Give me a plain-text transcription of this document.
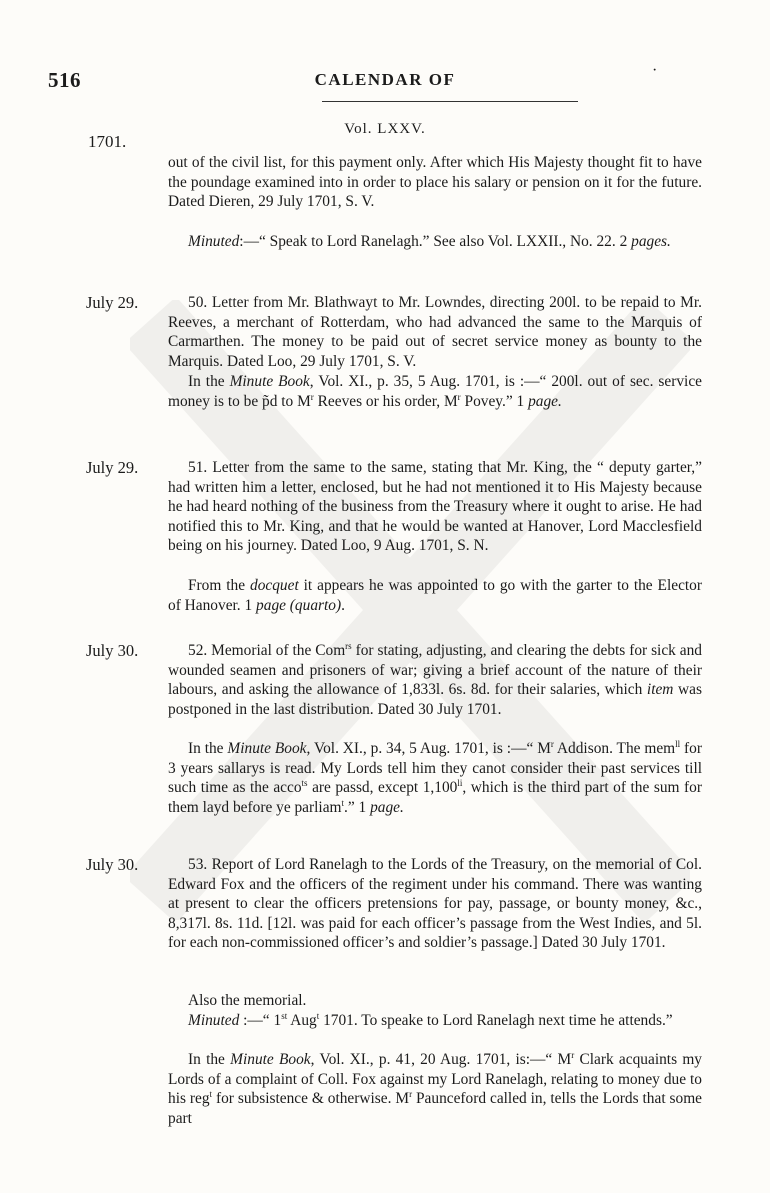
516	CALENDAR OF	·
1701.
Vol. LXXV.

out of the civil list, for this payment only. After which His Majesty thought fit to have the poundage examined into in order to place his salary or pension on it for the future. Dated Dieren, 29 July 1701, S. V.

Minuted:—“ Speak to Lord Ranelagh.” See also Vol. LXXII., No. 22. 2 pages.

July 29.	50. Letter from Mr. Blathwayt to Mr. Lowndes, directing 200l. to be repaid to Mr. Reeves, a merchant of Rotterdam, who had advanced the same to the Marquis of Carmarthen. The money to be paid out of secret service money as bounty to the Marquis. Dated Loo, 29 July 1701, S. V.

In the Minute Book, Vol. XI., p. 35, 5 Aug. 1701, is :—“ 200l. out of sec. service money is to be p̃d to $M^r$ Reeves or his order, $M^r$ Povey.” 1 page.

July 29.	51. Letter from the same to the same, stating that Mr. King, the “ deputy garter,” had written him a letter, enclosed, but he had not mentioned it to His Majesty because he had heard nothing of the business from the Treasury where it ought to arise. He had notified this to Mr. King, and that he would be wanted at Hanover, Lord Macclesfield being on his journey. Dated Loo, 9 Aug. 1701, S. N.

From the docquet it appears he was appointed to go with the garter to the Elector of Hanover. 1 page (quarto).

July 30.	52. Memorial of the Com$^{rs}$ for stating, adjusting, and clearing the debts for sick and wounded seamen and prisoners of war; giving a brief account of the nature of their labours, and asking the allowance of 1,833l. 6s. 8d. for their salaries, which item was postponed in the last distribution. Dated 30 July 1701.

In the Minute Book, Vol. XI., p. 34, 5 Aug. 1701, is :—“ $M^r$ Addison. The mem$^{ll}$ for 3 years sallarys is read. My Lords tell him they canot consider their past services till such time as the acco$^{ts}$ are passd, except $1,100^{li}$, which is the third part of the sum for them layd before ye parliam$^t$.” 1 page.

July 30.	53. Report of Lord Ranelagh to the Lords of the Treasury, on the memorial of Col. Edward Fox and the officers of the regiment under his command. There was wanting at present to clear the officers pretensions for pay, passage, or bounty money, &c., 8,317l. 8s. 11d. [12l. was paid for each officer’s passage from the West Indies, and 5l. for each non-commissioned officer’s and soldier’s passage.] Dated 30 July 1701.

Also the memorial.

Minuted :—“ 1st Aug$^t$ 1701. To speake to Lord Ranelagh next time he attends.”

In the Minute Book, Vol. XI., p. 41, 20 Aug. 1701, is:—“ $M^r$ Clark acquaints my Lords of a complaint of Coll. Fox against my Lord Ranelagh, relating to money due to his reg$^t$ for subsistence & otherwise. $M^r$ Paunceford called in, tells the Lords that some part
